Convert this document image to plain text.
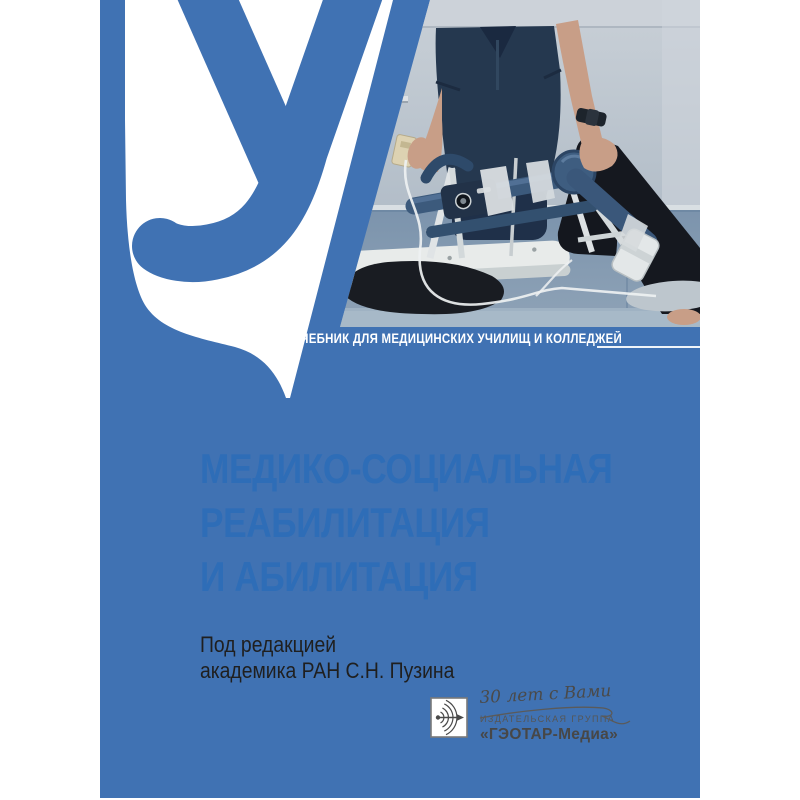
УЧЕБНИК ДЛЯ МЕДИЦИНСКИХ УЧИЛИЩ И КОЛЛЕДЖЕЙ
МЕДИКО-СОЦИАЛЬНАЯ
РЕАБИЛИТАЦИЯ
И АБИЛИТАЦИЯ
Под редакцией
академика РАН С.Н. Пузина
30 лет с Вами
ИЗДАТЕЛЬСКАЯ ГРУППА
«ГЭОТАР-Медиа»
